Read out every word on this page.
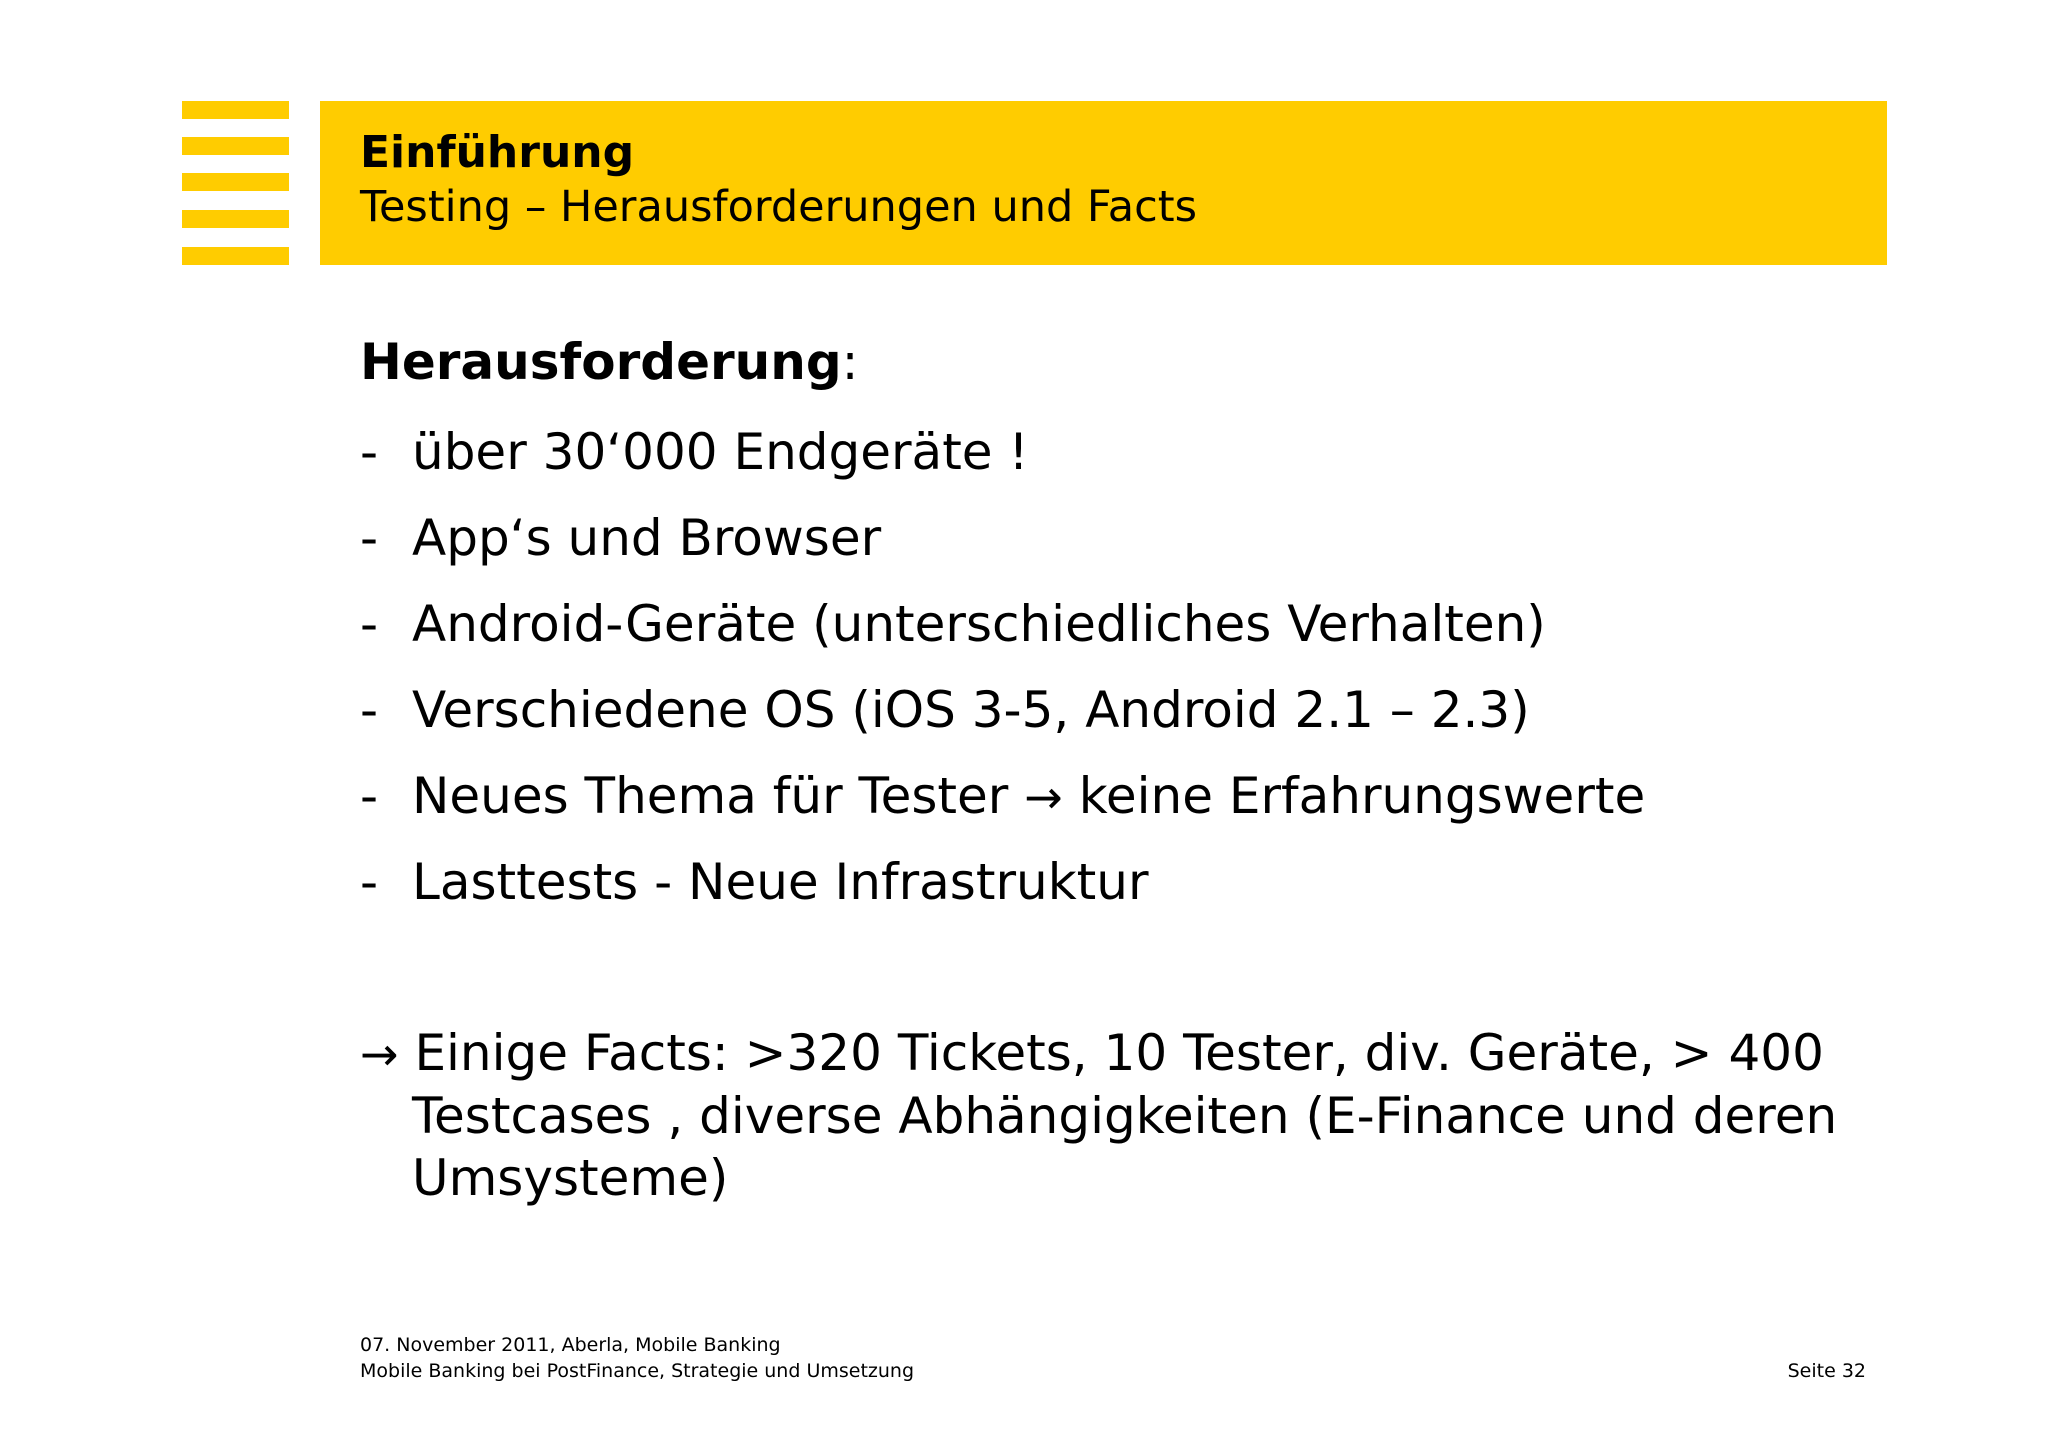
Einführung
Testing – Herausforderungen und Facts
Herausforderung:
- über 30‘000 Endgeräte !
- App‘s und Browser
- Android-Geräte (unterschiedliches Verhalten)
- Verschiedene OS (iOS 3-5, Android 2.1 – 2.3)
- Neues Thema für Tester → keine Erfahrungswerte
- Lasttests - Neue Infrastruktur
→ Einige Facts: >320 Tickets, 10 Tester, div. Geräte, > 400
Testcases , diverse Abhängigkeiten (E-Finance und deren
Umsysteme)
07. November 2011, Aberla, Mobile Banking
Mobile Banking bei PostFinance, Strategie und Umsetzung	Seite 32
